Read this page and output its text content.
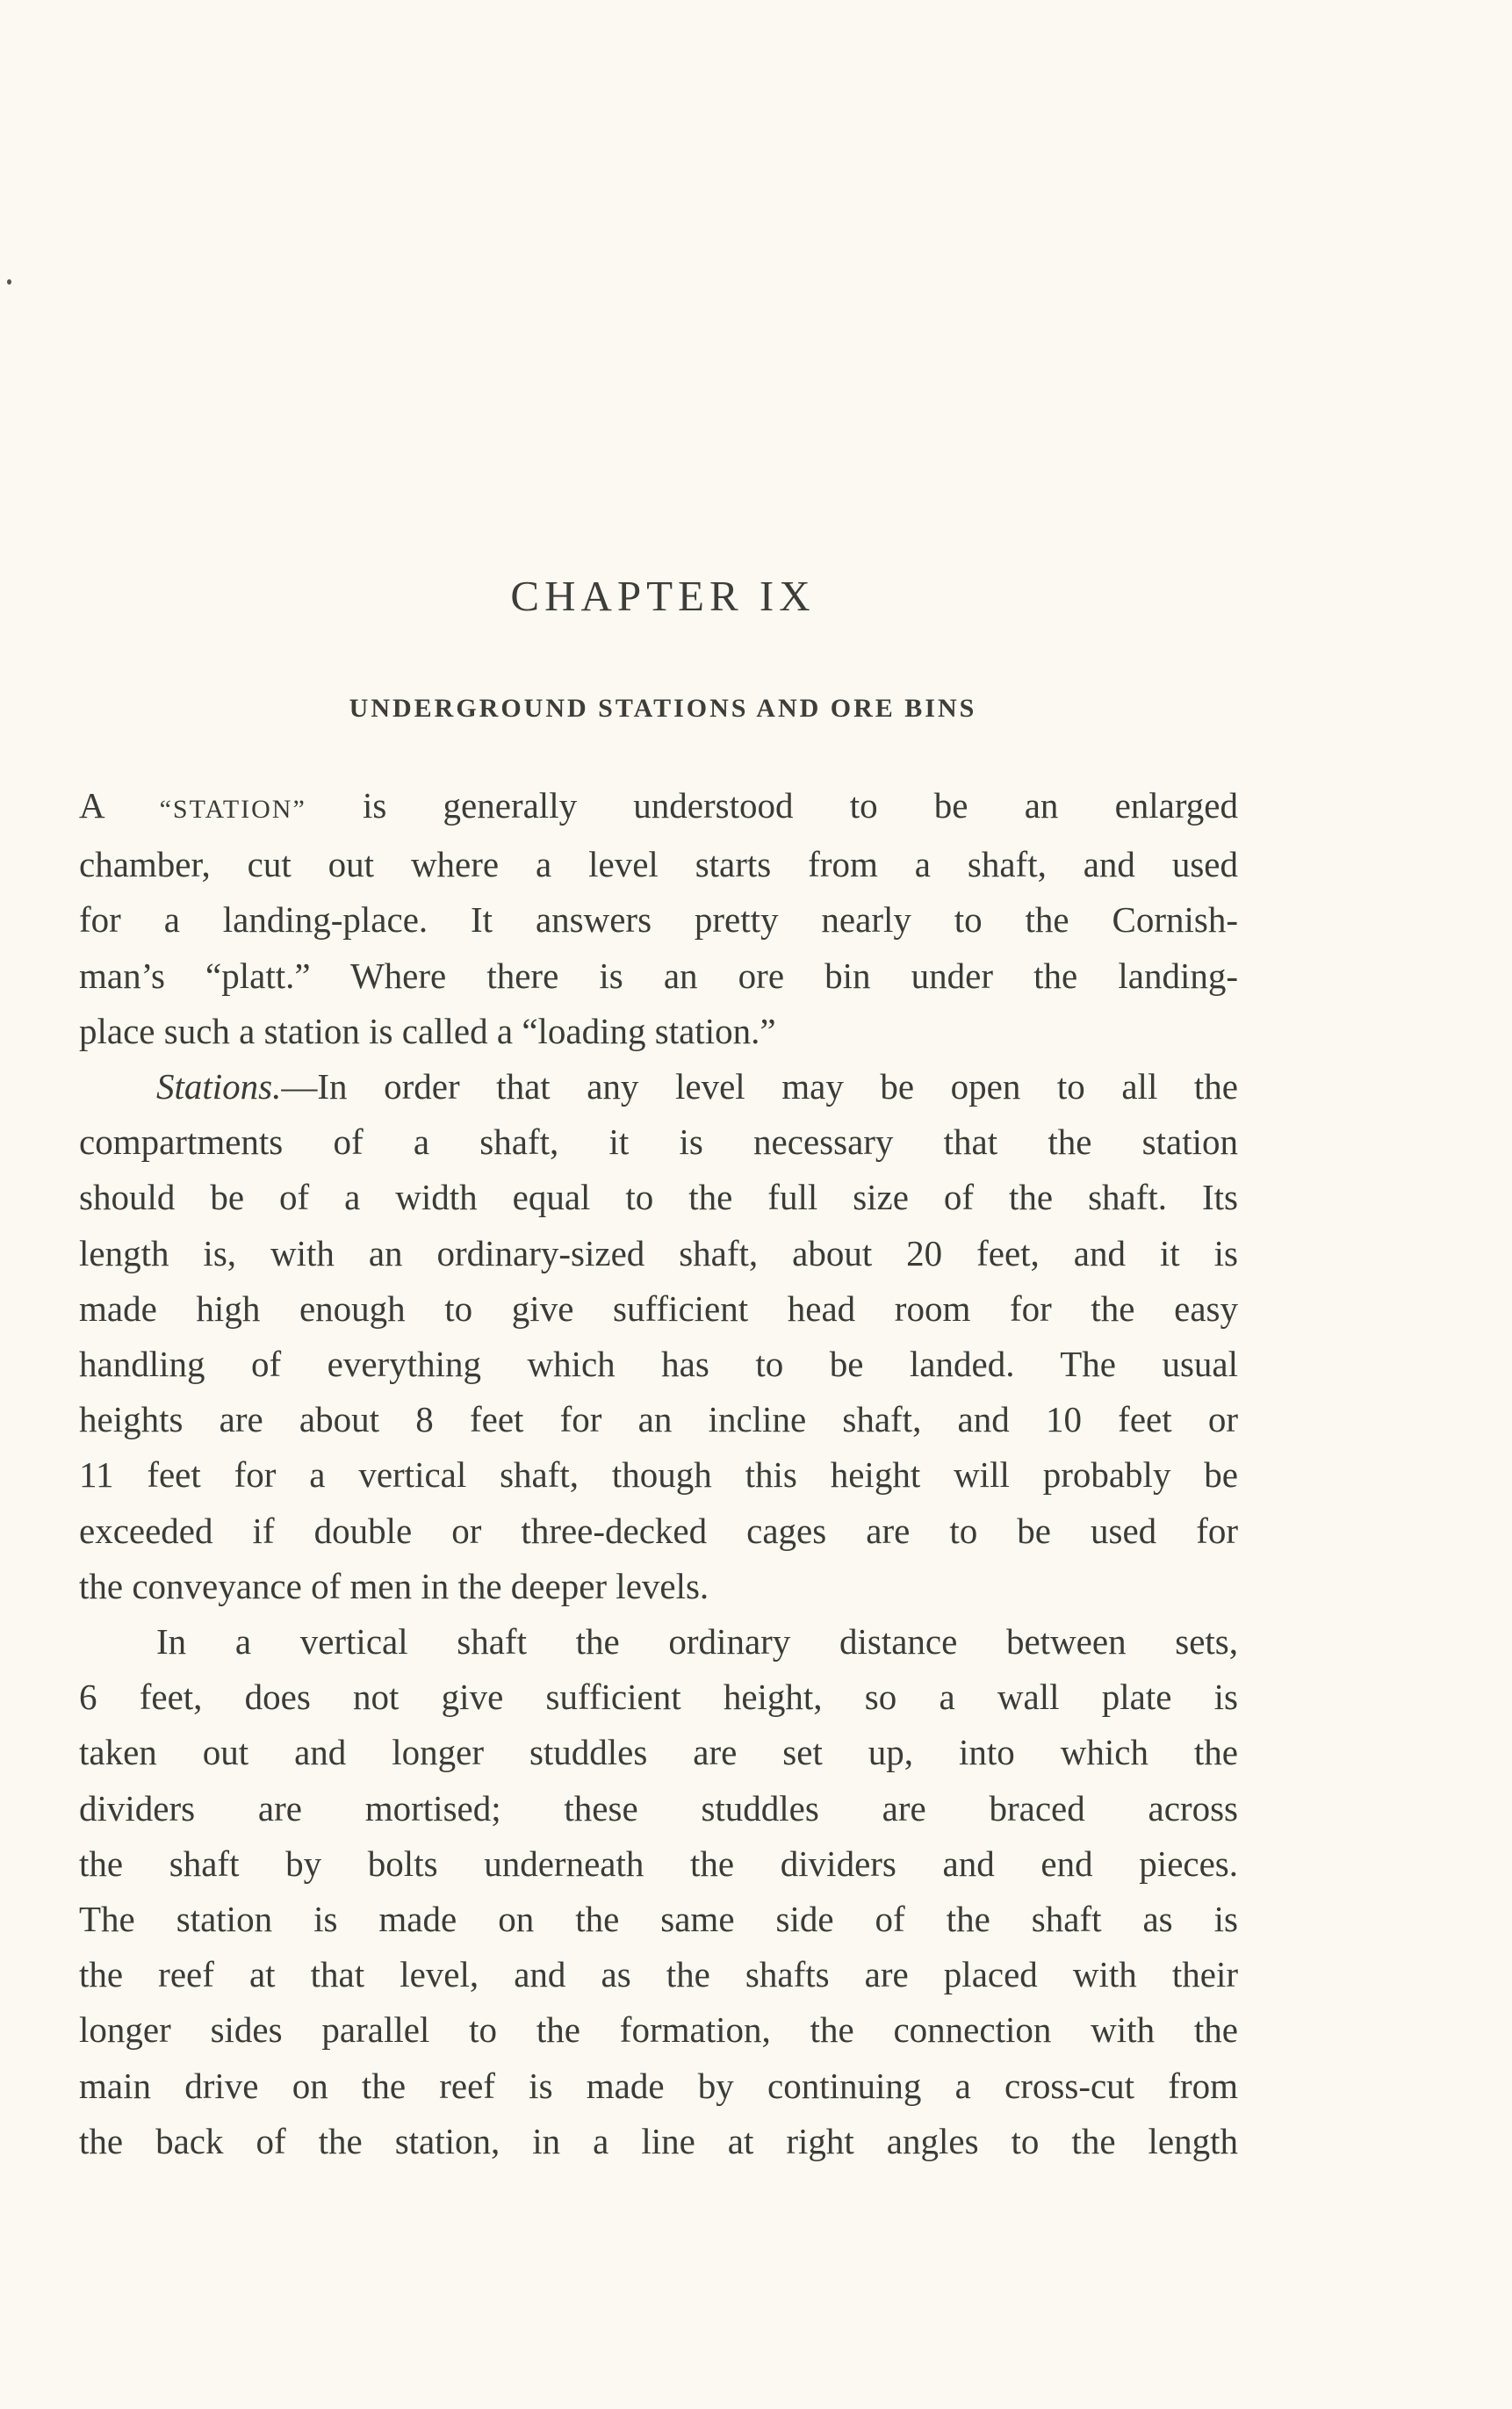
CHAPTER IX
UNDERGROUND STATIONS AND ORE BINS

A “STATION” is generally understood to be an enlarged
chamber, cut out where a level starts from a shaft, and used
for a landing-place. It answers pretty nearly to the Cornish-
man’s “platt.” Where there is an ore bin under the landing-
place such a station is called a “loading station.”

Stations.—In order that any level may be open to all the
compartments of a shaft, it is necessary that the station
should be of a width equal to the full size of the shaft. Its
length is, with an ordinary-sized shaft, about 20 feet, and it is
made high enough to give sufficient head room for the easy
handling of everything which has to be landed. The usual
heights are about 8 feet for an incline shaft, and 10 feet or
11 feet for a vertical shaft, though this height will probably be
exceeded if double or three-decked cages are to be used for
the conveyance of men in the deeper levels.

In a vertical shaft the ordinary distance between sets,
6 feet, does not give sufficient height, so a wall plate is
taken out and longer studdles are set up, into which the
dividers are mortised; these studdles are braced across
the shaft by bolts underneath the dividers and end pieces.
The station is made on the same side of the shaft as is
the reef at that level, and as the shafts are placed with their
longer sides parallel to the formation, the connection with the
main drive on the reef is made by continuing a cross-cut from
the back of the station, in a line at right angles to the length
